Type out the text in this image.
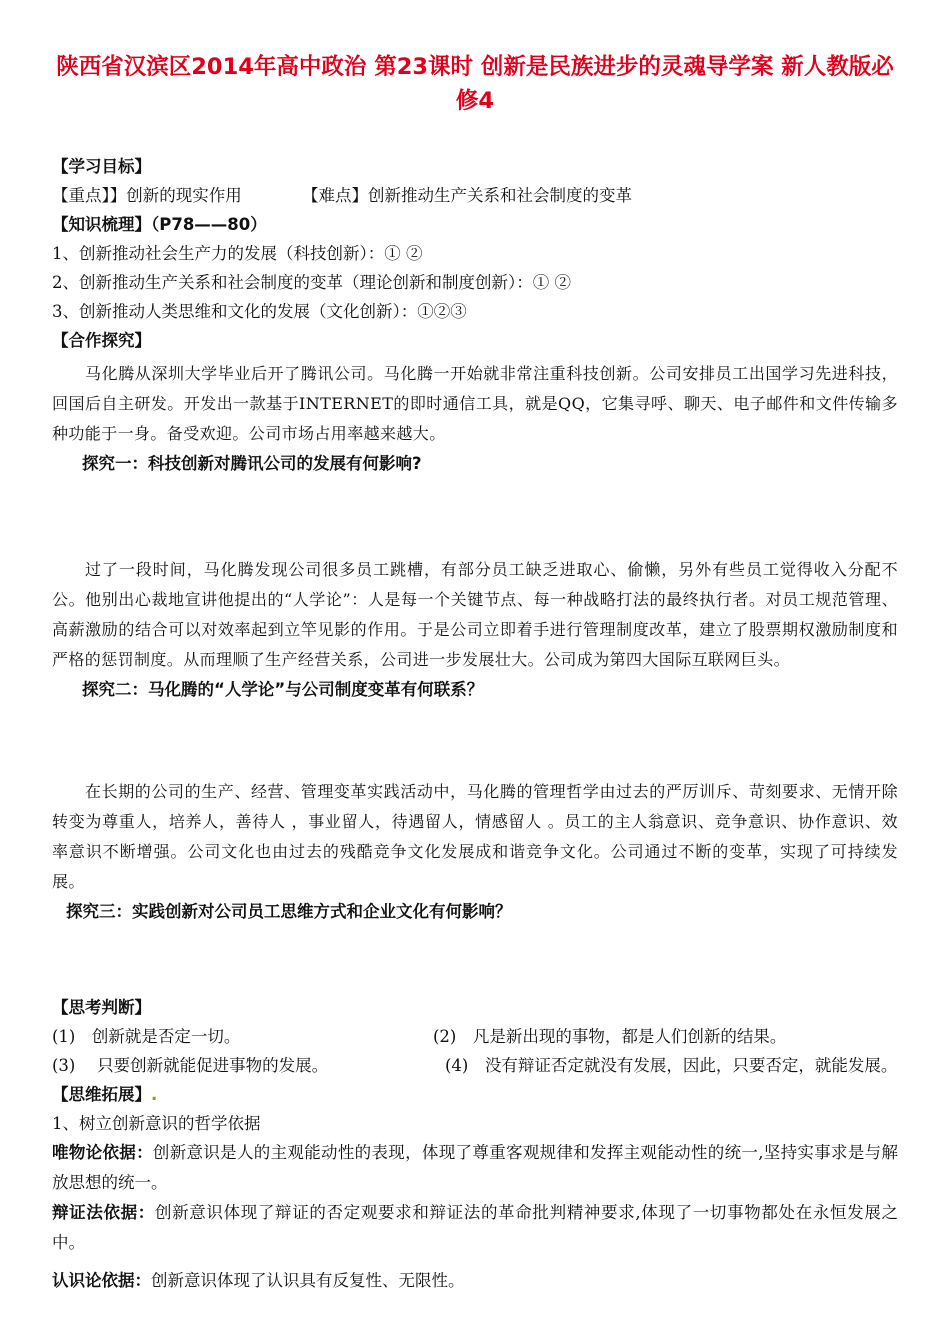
陕西省汉滨区2014年高中政治 第23课时 创新是民族进步的灵魂导学案 新人教版必修4

【学习目标】

【重点】】创新的现实作用	【难点】创新推动生产关系和社会制度的变革

【知识梳理】（P78——80）

1、创新推动社会生产力的发展（科技创新）：① ②

2、创新推动生产关系和社会制度的变革（理论创新和制度创新）：① ②

3、创新推动人类思维和文化的发展（文化创新）：①②③

【合作探究】

马化腾从深圳大学毕业后开了腾讯公司。马化腾一开始就非常注重科技创新。公司安排员工出国学习先进科技，回国后自主研发。开发出一款基于INTERNET的即时通信工具，就是QQ，它集寻呼、聊天、电子邮件和文件传输多种功能于一身。备受欢迎。公司市场占用率越来越大。

探究一：科技创新对腾讯公司的发展有何影响?

过了一段时间，马化腾发现公司很多员工跳槽，有部分员工缺乏进取心、偷懒，另外有些员工觉得收入分配不公。他别出心裁地宣讲他提出的“人学论”：人是每一个关键节点、每一种战略打法的最终执行者。对员工规范管理、高薪激励的结合可以对效率起到立竿见影的作用。于是公司立即着手进行管理制度改革，建立了股票期权激励制度和严格的惩罚制度。从而理顺了生产经营关系，公司进一步发展壮大。公司成为第四大国际互联网巨头。

探究二：马化腾的“人学论”与公司制度变革有何联系？

在长期的公司的生产、经营、管理变革实践活动中，马化腾的管理哲学由过去的严厉训斥、苛刻要求、无情开除转变为尊重人，培养人，善待人 ，事业留人，待遇留人，情感留人 。员工的主人翁意识、竞争意识、协作意识、效率意识不断增强。公司文化也由过去的残酷竞争文化发展成和谐竞争文化。公司通过不断的变革，实现了可持续发展。

探究三：实践创新对公司员工思维方式和企业文化有何影响？

【思考判断】

(1)　创新就是否定一切。	(2)　凡是新出现的事物，都是人们创新的结果。
(3)　 只要创新就能促进事物的发展。	(4)　没有辩证否定就没有发展，因此，只要否定，就能发展。

【思维拓展】.

1、树立创新意识的哲学依据

唯物论依据：创新意识是人的主观能动性的表现，体现了尊重客观规律和发挥主观能动性的统一,坚持实事求是与解放思想的统一。

辩证法依据：创新意识体现了辩证的否定观要求和辩证法的革命批判精神要求,体现了一切事物都处在永恒发展之中。

认识论依据：创新意识体现了认识具有反复性、无限性。
